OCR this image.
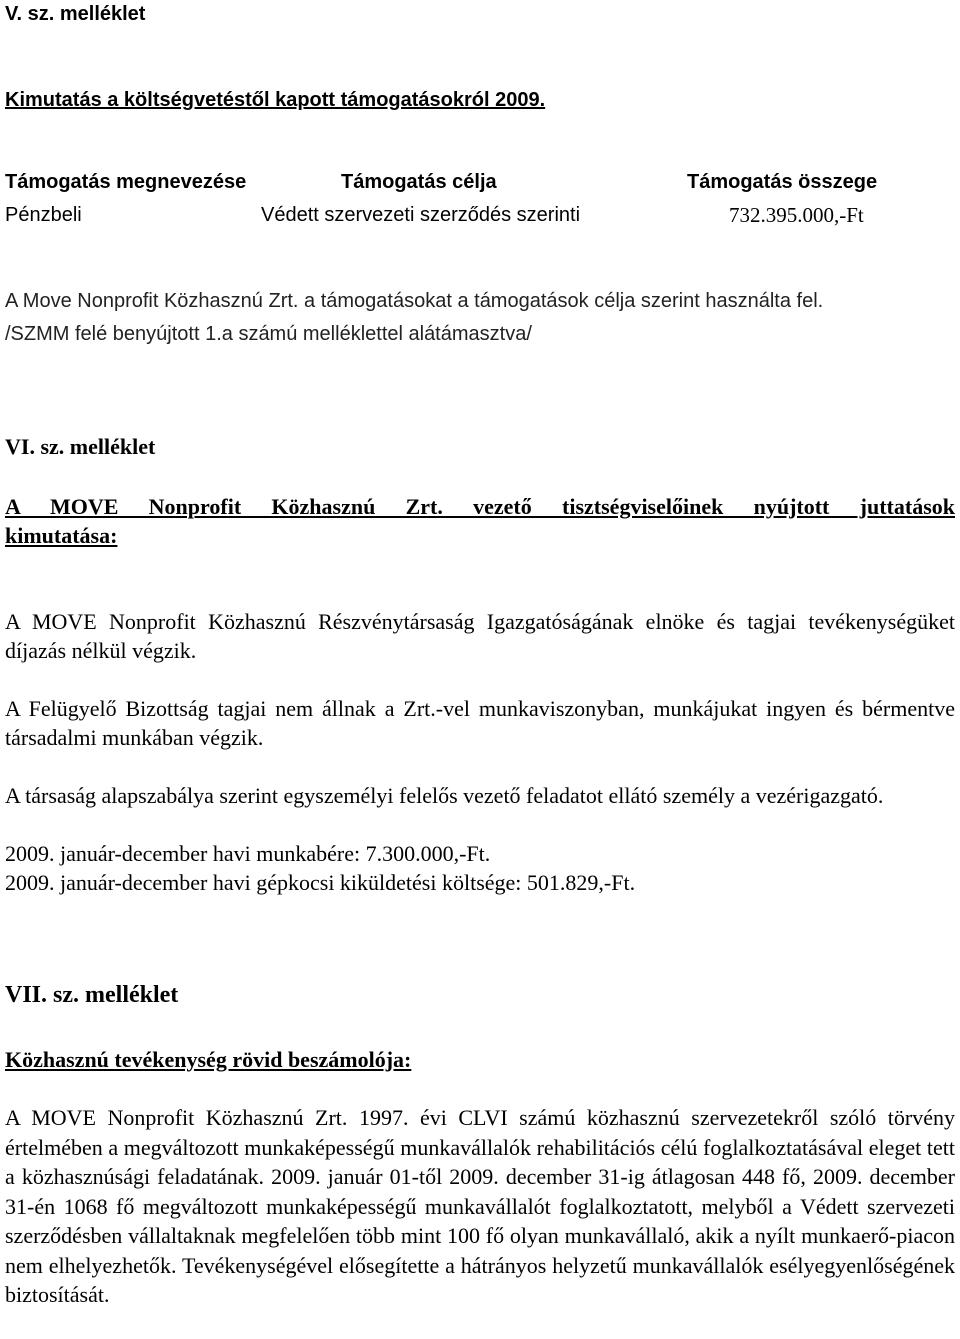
V. sz. melléklet
Kimutatás a költségvetéstől kapott támogatásokról 2009.
Támogatás megnevezése	Támogatás célja	Támogatás összege
Pénzbeli	Védett szervezeti szerződés szerinti	732.395.000,-Ft
A Move Nonprofit Közhasznú Zrt. a támogatásokat a támogatások célja szerint használta fel.
/SZMM felé benyújtott 1.a számú melléklettel alátámasztva/
VI. sz. melléklet
A MOVE Nonprofit Közhasznú Zrt. vezető tisztségviselőinek nyújtott juttatások
kimutatása:

A MOVE Nonprofit Közhasznú Részvénytársaság Igazgatóságának elnöke és tagjai tevékenységüket díjazás nélkül végzik.

A Felügyelő Bizottság tagjai nem állnak a Zrt.-vel munkaviszonyban, munkájukat ingyen és bérmentve társadalmi munkában végzik.

A társaság alapszabálya szerint egyszemélyi felelős vezető feladatot ellátó személy a vezérigazgató.

2009. január-december havi munkabére: 7.300.000,-Ft.
2009. január-december havi gépkocsi kiküldetési költsége: 501.829,-Ft.
VII. sz. melléklet
Közhasznú tevékenység rövid beszámolója:

A MOVE Nonprofit Közhasznú Zrt. 1997. évi CLVI számú közhasznú szervezetekről szóló törvény értelmében a megváltozott munkaképességű munkavállalók rehabilitációs célú foglalkoztatásával eleget tett a közhasznúsági feladatának. 2009. január 01-től 2009. december 31-ig átlagosan 448 fő, 2009. december 31-én 1068 fő megváltozott munkaképességű munkavállalót foglalkoztatott, melyből a Védett szervezeti szerződésben vállaltaknak megfelelően több mint 100 fő olyan munkavállaló, akik a nyílt munkaerő-piacon nem elhelyezhetők. Tevékenységével elősegítette a hátrányos helyzetű munkavállalók esélyegyenlőségének biztosítását.
